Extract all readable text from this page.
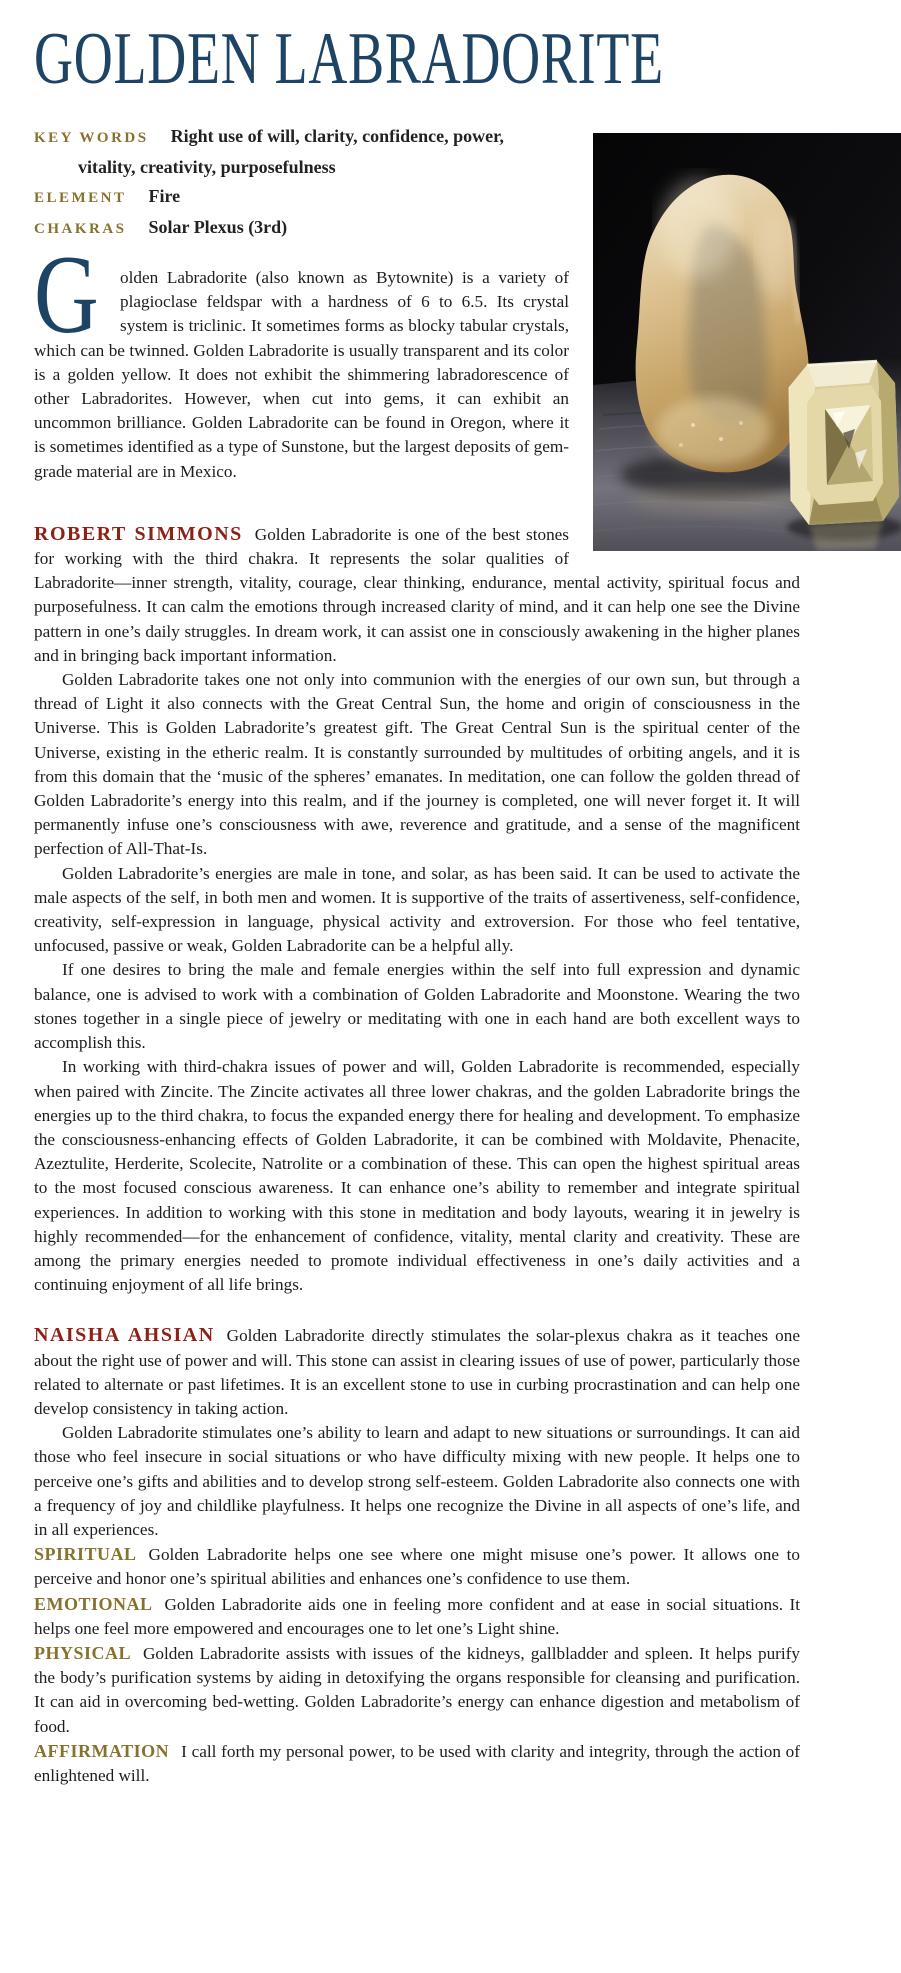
GOLDEN LABRADORITE

KEY WORDS Right use of will, clarity, confidence, power, vitality, creativity, purposefulness

ELEMENT Fire

CHAKRAS Solar Plexus (3rd)

G olden Labradorite (also known as Bytownite) is a variety of plagioclase feldspar with a hardness of 6 to 6.5. Its crystal system is triclinic. It sometimes forms as blocky tabular crystals, which can be twinned. Golden Labradorite is usually transparent and its color is a golden yellow. It does not exhibit the shimmering labradorescence of other Labradorites. However, when cut into gems, it can exhibit an uncommon brilliance. Golden Labradorite can be found in Oregon, where it is sometimes identified as a type of Sunstone, but the largest deposits of gem-grade material are in Mexico.

ROBERT SIMMONS Golden Labradorite is one of the best stones for working with the third chakra. It represents the solar qualities of Labradorite—inner strength, vitality, courage, clear thinking, endurance, mental activity, spiritual focus and purposefulness. It can calm the emotions through increased clarity of mind, and it can help one see the Divine pattern in one’s daily struggles. In dream work, it can assist one in consciously awakening in the higher planes and in bringing back important information.

Golden Labradorite takes one not only into communion with the energies of our own sun, but through a thread of Light it also connects with the Great Central Sun, the home and origin of consciousness in the Universe. This is Golden Labradorite’s greatest gift. The Great Central Sun is the spiritual center of the Universe, existing in the etheric realm. It is constantly surrounded by multitudes of orbiting angels, and it is from this domain that the ‘music of the spheres’ emanates. In meditation, one can follow the golden thread of Golden Labradorite’s energy into this realm, and if the journey is completed, one will never forget it. It will permanently infuse one’s consciousness with awe, reverence and gratitude, and a sense of the magnificent perfection of All-That-Is.

Golden Labradorite’s energies are male in tone, and solar, as has been said. It can be used to activate the male aspects of the self, in both men and women. It is supportive of the traits of assertiveness, self-confidence, creativity, self-expression in language, physical activity and extroversion. For those who feel tentative, unfocused, passive or weak, Golden Labradorite can be a helpful ally.

If one desires to bring the male and female energies within the self into full expression and dynamic balance, one is advised to work with a combination of Golden Labradorite and Moonstone. Wearing the two stones together in a single piece of jewelry or meditating with one in each hand are both excellent ways to accomplish this.

In working with third-chakra issues of power and will, Golden Labradorite is recommended, especially when paired with Zincite. The Zincite activates all three lower chakras, and the golden Labradorite brings the energies up to the third chakra, to focus the expanded energy there for healing and development. To emphasize the consciousness-enhancing effects of Golden Labradorite, it can be combined with Moldavite, Phenacite, Azeztulite, Herderite, Scolecite, Natrolite or a combination of these. This can open the highest spiritual areas to the most focused conscious awareness. It can enhance one’s ability to remember and integrate spiritual experiences. In addition to working with this stone in meditation and body layouts, wearing it in jewelry is highly recommended—for the enhancement of confidence, vitality, mental clarity and creativity. These are among the primary energies needed to promote individual effectiveness in one’s daily activities and a continuing enjoyment of all life brings.

NAISHA AHSIAN Golden Labradorite directly stimulates the solar-plexus chakra as it teaches one about the right use of power and will. This stone can assist in clearing issues of use of power, particularly those related to alternate or past lifetimes. It is an excellent stone to use in curbing procrastination and can help one develop consistency in taking action.

Golden Labradorite stimulates one’s ability to learn and adapt to new situations or surroundings. It can aid those who feel insecure in social situations or who have difficulty mixing with new people. It helps one to perceive one’s gifts and abilities and to develop strong self-esteem. Golden Labradorite also connects one with a frequency of joy and childlike playfulness. It helps one recognize the Divine in all aspects of one’s life, and in all experiences.

SPIRITUAL Golden Labradorite helps one see where one might misuse one’s power. It allows one to perceive and honor one’s spiritual abilities and enhances one’s confidence to use them.

EMOTIONAL Golden Labradorite aids one in feeling more confident and at ease in social situations. It helps one feel more empowered and encourages one to let one’s Light shine.

PHYSICAL Golden Labradorite assists with issues of the kidneys, gallbladder and spleen. It helps purify the body’s purification systems by aiding in detoxifying the organs responsible for cleansing and purification. It can aid in overcoming bed-wetting. Golden Labradorite’s energy can enhance digestion and metabolism of food.

AFFIRMATION I call forth my personal power, to be used with clarity and integrity, through the action of enlightened will.
